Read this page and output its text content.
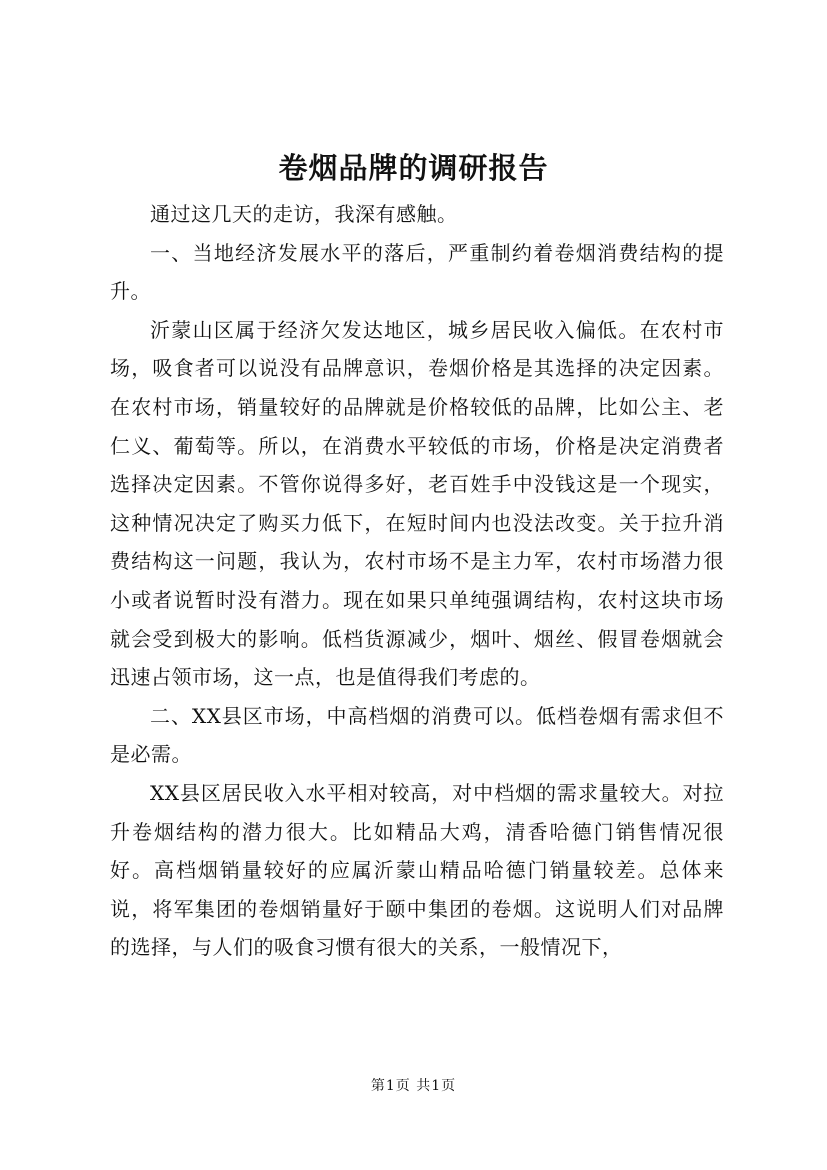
卷烟品牌的调研报告

通过这几天的走访，我深有感触。

一、当地经济发展水平的落后，严重制约着卷烟消费结构的提升。

沂蒙山区属于经济欠发达地区，城乡居民收入偏低。在农村市场，吸食者可以说没有品牌意识，卷烟价格是其选择的决定因素。在农村市场，销量较好的品牌就是价格较低的品牌，比如公主、老仁义、葡萄等。所以，在消费水平较低的市场，价格是决定消费者选择决定因素。不管你说得多好，老百姓手中没钱这是一个现实，这种情况决定了购买力低下，在短时间内也没法改变。关于拉升消费结构这一问题，我认为，农村市场不是主力军，农村市场潜力很小或者说暂时没有潜力。现在如果只单纯强调结构，农村这块市场就会受到极大的影响。低档货源减少，烟叶、烟丝、假冒卷烟就会迅速占领市场，这一点，也是值得我们考虑的。

二、XX县区市场，中高档烟的消费可以。低档卷烟有需求但不是必需。

XX县区居民收入水平相对较高，对中档烟的需求量较大。对拉升卷烟结构的潜力很大。比如精品大鸡，清香哈德门销售情况很好。高档烟销量较好的应属沂蒙山精品哈德门销量较差。总体来说，将军集团的卷烟销量好于颐中集团的卷烟。这说明人们对品牌的选择，与人们的吸食习惯有很大的关系，一般情况下，

第1页 共1页
